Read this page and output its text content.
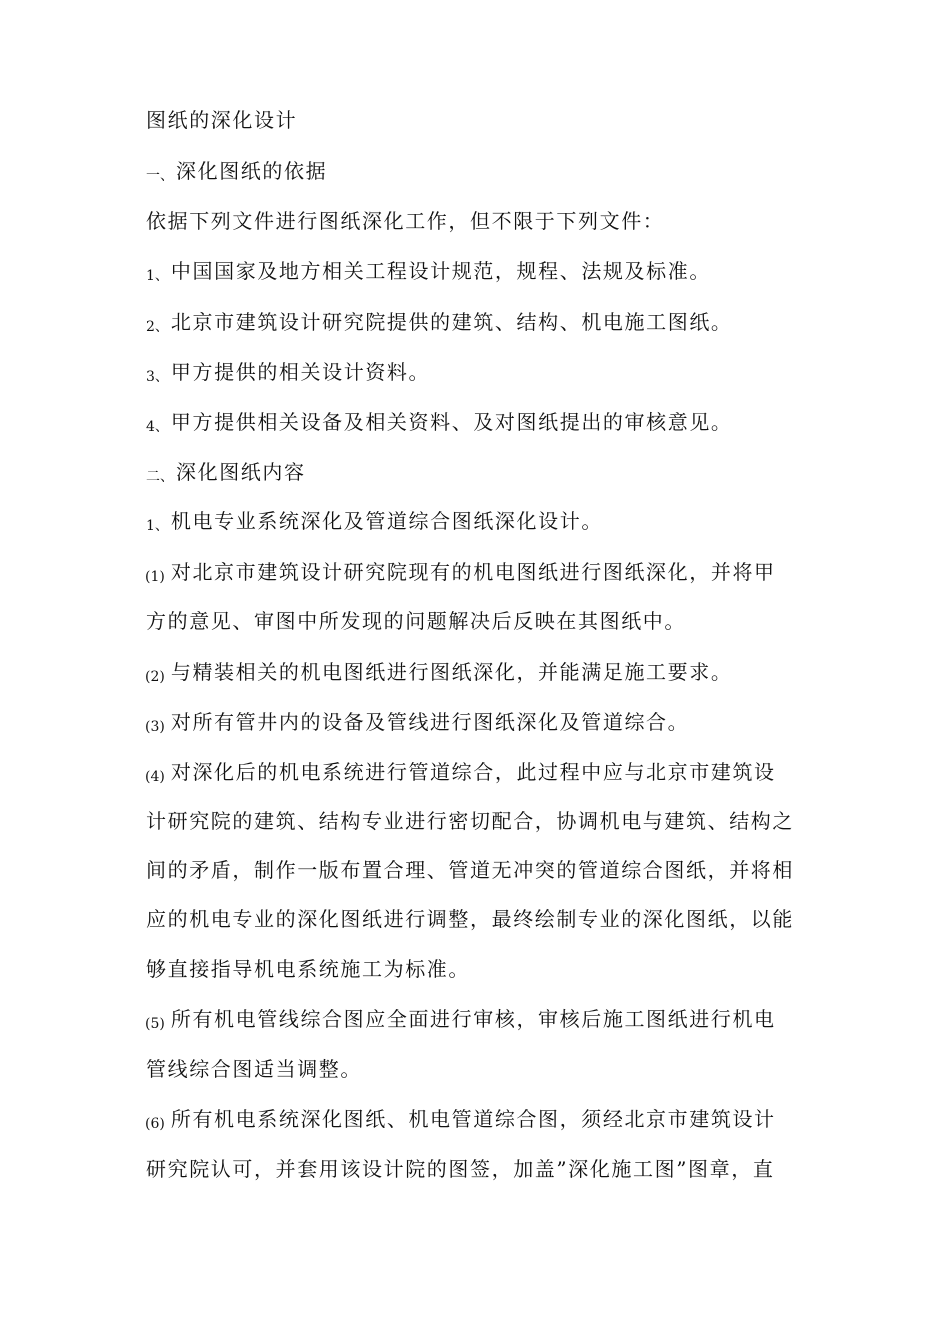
图纸的深化设计
一、 深化图纸的依据
依据下列文件进行图纸深化工作，但不限于下列文件：
1、 中国国家及地方相关工程设计规范，规程、法规及标准。
2、 北京市建筑设计研究院提供的建筑、结构、机电施工图纸。
3、 甲方提供的相关设计资料。
4、 甲方提供相关设备及相关资料、及对图纸提出的审核意见。
二、 深化图纸内容
1、 机电专业系统深化及管道综合图纸深化设计。
(1) 对北京市建筑设计研究院现有的机电图纸进行图纸深化，并将甲
方的意见、审图中所发现的问题解决后反映在其图纸中。
(2) 与精装相关的机电图纸进行图纸深化，并能满足施工要求。
(3) 对所有管井内的设备及管线进行图纸深化及管道综合。
(4) 对深化后的机电系统进行管道综合，此过程中应与北京市建筑设
计研究院的建筑、结构专业进行密切配合，协调机电与建筑、结构之
间的矛盾，制作一版布置合理、管道无冲突的管道综合图纸，并将相
应的机电专业的深化图纸进行调整，最终绘制专业的深化图纸，以能
够直接指导机电系统施工为标准。
(5) 所有机电管线综合图应全面进行审核，审核后施工图纸进行机电
管线综合图适当调整。
(6) 所有机电系统深化图纸、机电管道综合图，须经北京市建筑设计
研究院认可，并套用该设计院的图签，加盖”深化施工图”图章，直
